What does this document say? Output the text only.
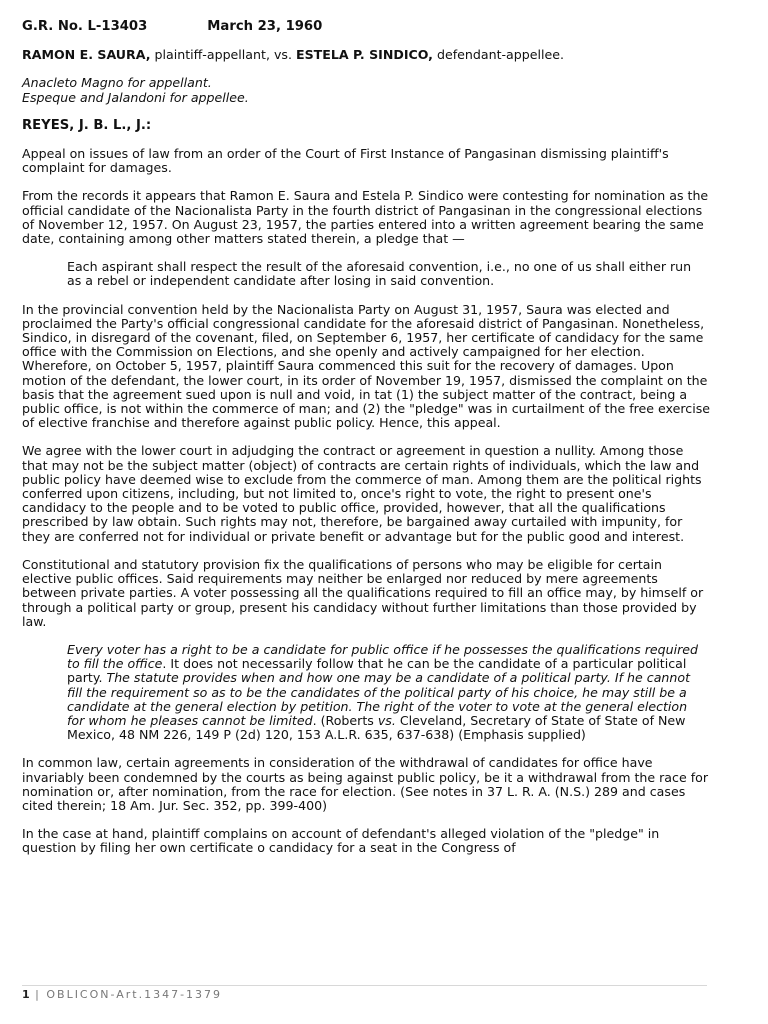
G.R. No. L-13403	March 23, 1960

RAMON E. SAURA, plaintiff-appellant, vs. ESTELA P. SINDICO, defendant-appellee.

Anacleto Magno for appellant.
Espeque and Jalandoni for appellee.

REYES, J. B. L., J.:

Appeal on issues of law from an order of the Court of First Instance of Pangasinan dismissing plaintiff's complaint for damages.

From the records it appears that Ramon E. Saura and Estela P. Sindico were contesting for nomination as the official candidate of the Nacionalista Party in the fourth district of Pangasinan in the congressional elections of November 12, 1957. On August 23, 1957, the parties entered into a written agreement bearing the same date, containing among other matters stated therein, a pledge that —

Each aspirant shall respect the result of the aforesaid convention, i.e., no one of us shall either run as a rebel or independent candidate after losing in said convention.

In the provincial convention held by the Nacionalista Party on August 31, 1957, Saura was elected and proclaimed the Party's official congressional candidate for the aforesaid district of Pangasinan. Nonetheless, Sindico, in disregard of the covenant, filed, on September 6, 1957, her certificate of candidacy for the same office with the Commission on Elections, and she openly and actively campaigned for her election. Wherefore, on October 5, 1957, plaintiff Saura commenced this suit for the recovery of damages. Upon motion of the defendant, the lower court, in its order of November 19, 1957, dismissed the complaint on the basis that the agreement sued upon is null and void, in tat (1) the subject matter of the contract, being a public office, is not within the commerce of man; and (2) the "pledge" was in curtailment of the free exercise of elective franchise and therefore against public policy. Hence, this appeal.

We agree with the lower court in adjudging the contract or agreement in question a nullity. Among those that may not be the subject matter (object) of contracts are certain rights of individuals, which the law and public policy have deemed wise to exclude from the commerce of man. Among them are the political rights conferred upon citizens, including, but not limited to, once's right to vote, the right to present one's candidacy to the people and to be voted to public office, provided, however, that all the qualifications prescribed by law obtain. Such rights may not, therefore, be bargained away curtailed with impunity, for they are conferred not for individual or private benefit or advantage but for the public good and interest.

Constitutional and statutory provision fix the qualifications of persons who may be eligible for certain elective public offices. Said requirements may neither be enlarged nor reduced by mere agreements between private parties. A voter possessing all the qualifications required to fill an office may, by himself or through a political party or group, present his candidacy without further limitations than those provided by law.

Every voter has a right to be a candidate for public office if he possesses the qualifications required to fill the office. It does not necessarily follow that he can be the candidate of a particular political party. The statute provides when and how one may be a candidate of a political party. If he cannot fill the requirement so as to be the candidates of the political party of his choice, he may still be a candidate at the general election by petition. The right of the voter to vote at the general election for whom he pleases cannot be limited. (Roberts vs. Cleveland, Secretary of State of State of New Mexico, 48 NM 226, 149 P (2d) 120, 153 A.L.R. 635, 637-638) (Emphasis supplied)

In common law, certain agreements in consideration of the withdrawal of candidates for office have invariably been condemned by the courts as being against public policy, be it a withdrawal from the race for nomination or, after nomination, from the race for election. (See notes in 37 L. R. A. (N.S.) 289 and cases cited therein; 18 Am. Jur. Sec. 352, pp. 399-400)

In the case at hand, plaintiff complains on account of defendant's alleged violation of the "pledge" in question by filing her own certificate o candidacy for a seat in the Congress of

1 | OBLICON-Art.1347-1379
